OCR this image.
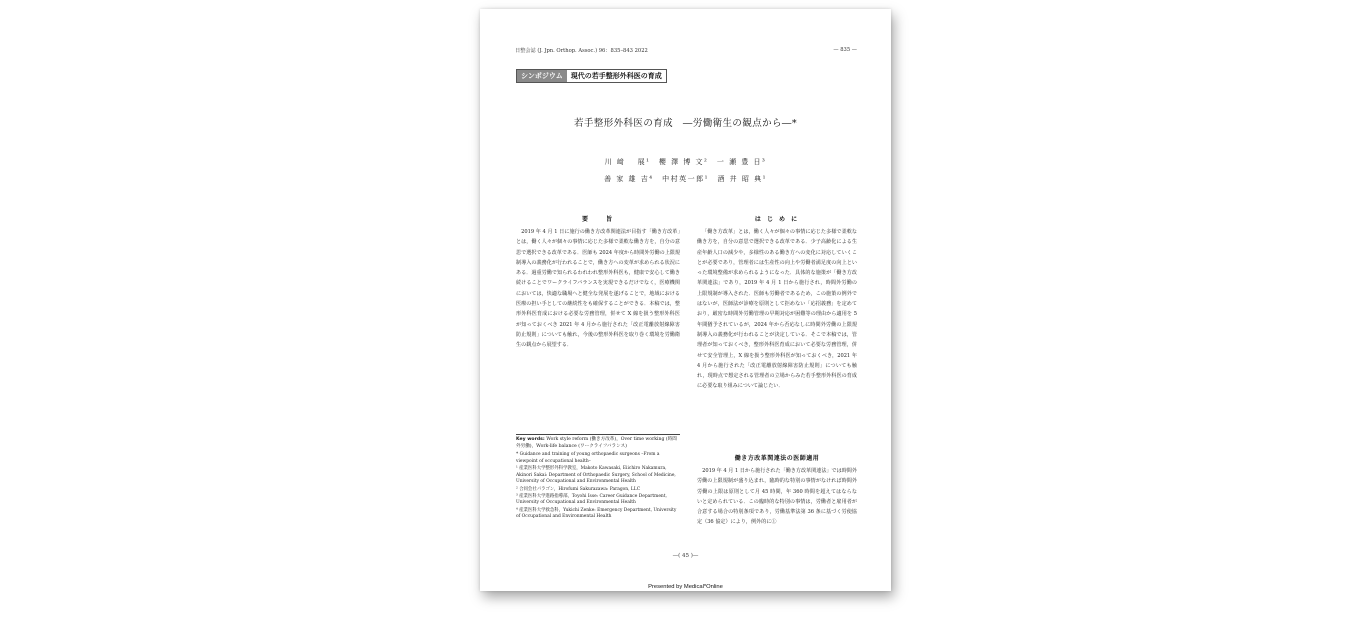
日整会誌 (J. Jpn. Orthop. Assoc.) 96：835–843 2022	— 835 —
シンポジウム	現代の若手整形外科医の育成
若手整形外科医の育成　―労働衛生の観点から―*
川 﨑　 展¹　櫻 澤 博 文²　一 瀬 豊 日³
善 家 雄 吉⁴　中村英一郎¹　酒 井 昭 典¹
要　　旨

2019 年 4 月 1 日に施行の働き方改革関連法が目指す「働き方改革」とは，働く人々が個々の事情に応じた多様で柔軟な働き方を，自分の意思で選択できる改革である．医師も 2024 年度から時間外労働の上限規制導入の義務化が行われることで，働き方への変革が求められる状況にある．過重労働で知られるわれわれ整形外科医も，健康で安心して働き続けることでワークライフバランスを実現できるだけでなく，医療機関においては，快適な職場へと健全な発展を遂げることで，地域における医療の担い手としての継続性をも確保することができる．本稿では，整形外科医育成における必要な労務管理，併せて X 線を扱う整形外科医が知っておくべき 2021 年 4 月から施行された「改正電離放射線障害防止規則」についても触れ，今後の整形外科医を取り巻く環境を労働衛生の観点から展望する．

Key words: Work style reform (働き方改革)，Over time working (時間外労働)，Work-life balance (ワークライフバランス)
* Guidance and training of young orthopaedic surgeons –From a viewpoint of occupational health–
¹ 産業医科大学整形外科学教室，Makoto Kawasaki, Eiichiro Nakamura, Akinori Sakai: Department of Orthopaedic Surgery, School of Medicine, University of Occupational and Environmental Health
² 合同会社パラゴン，Hirofumi Sakurazawa: Paragon, LLC
³ 産業医科大学進路指導部，Toyohi Isse: Career Guidance Department, University of Occupational and Environmental Health
⁴ 産業医科大学救急科，Yukichi Zenke: Emergency Department, University of Occupational and Environmental Health
は じ め に

「働き方改革」とは，働く人々が個々の事情に応じた多様で柔軟な働き方を，自分の意思で選択できる改革である．少子高齢化による生産年齢人口の減少や，多様性のある働き方への変化に対応していくことが必要であり，管理者には生産性の向上や労働者満足度の向上といった環境整備が求められるようになった．具体的な施策が「働き方改革関連法」であり，2019 年 4 月 1 日から施行され，時間外労働の上限規制が導入された．医師も労働者であるため，この施策の例外ではないが，医師法が診療を原則として拒めない「応招義務」を定めており，厳密な時間外労働管理の早期対応が困難等の理由から適用を 5 年間猶予されているが，2024 年から否応なしに時間外労働の上限規制導入の義務化が行われることが決定している．そこで本稿では，管理者が知っておくべき，整形外科医育成において必要な労務管理，併せて安全管理上，X 線を扱う整形外科医が知っておくべき，2021 年 4 月から施行された「改正電離放射線障害防止規則」についても触れ，現時点で想定される管理者の立場からみた若手整形外科医の育成に必要な取り組みについて論じたい．

働き方改革関連法の医師適用

2019 年 4 月 1 日から施行された「働き方改革関連法」では時間外労働の上限規制が盛り込まれ，臨時的な特別の事情がなければ時間外労働の上限は原則として月 45 時間，年 360 時間を超えてはならないと定められている．この臨時的な特別の事情は，労働者と雇用者が合意する場合の特別条項であり，労働基準法第 36 条に基づく労使協定（36 協定）により，例外的に①

—( 45 )—
Presented by Medical*Online
